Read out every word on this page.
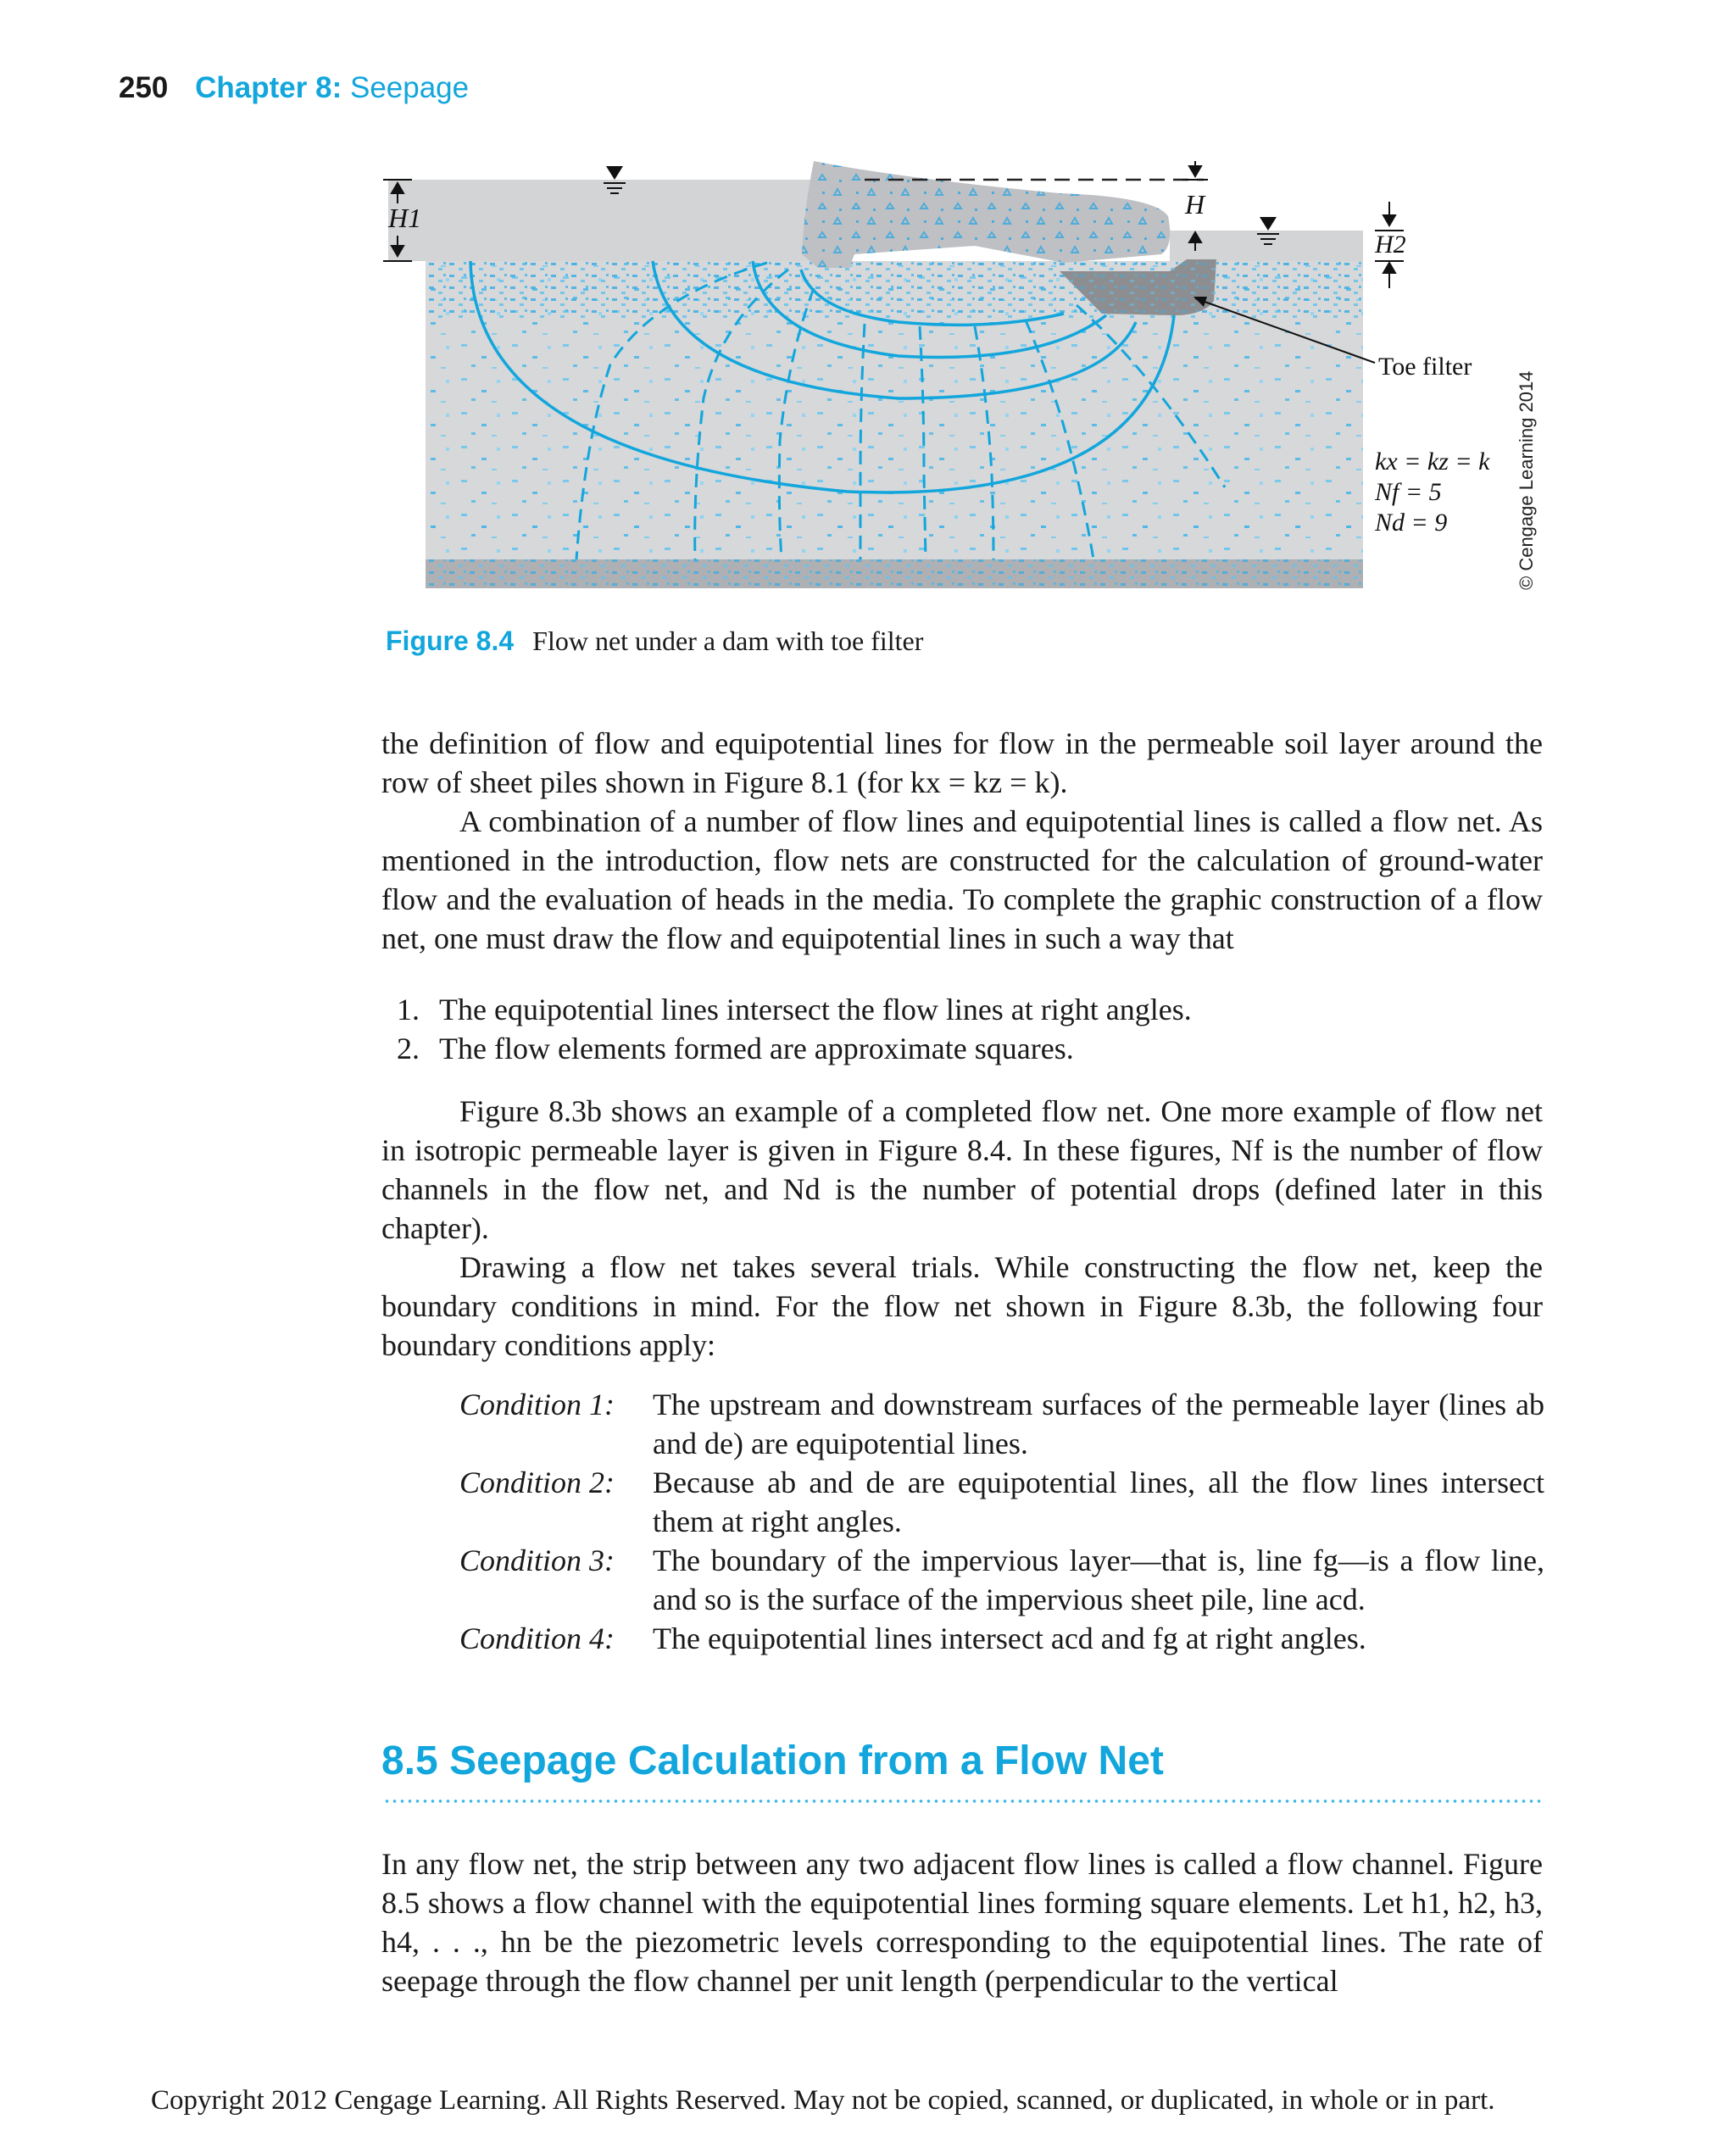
250 Chapter 8: Seepage
H1	H
H2
Toe filter
kx = kz = k
Nf = 5
Nd = 9	© Cengage Learning 2014
Figure 8.4 Flow net under a dam with toe filter

the definition of flow and equipotential lines for flow in the permeable soil layer around the row of sheet piles shown in Figure 8.1 (for kx = kz = k).

A combination of a number of flow lines and equipotential lines is called a flow net. As mentioned in the introduction, flow nets are constructed for the calculation of ground-water flow and the evaluation of heads in the media. To complete the graphic construction of a flow net, one must draw the flow and equipotential lines in such a way that

1. The equipotential lines intersect the flow lines at right angles.
2. The flow elements formed are approximate squares.

Figure 8.3b shows an example of a completed flow net. One more example of flow net in isotropic permeable layer is given in Figure 8.4. In these figures, Nf is the number of flow channels in the flow net, and Nd is the number of potential drops (defined later in this chapter).

Drawing a flow net takes several trials. While constructing the flow net, keep the boundary conditions in mind. For the flow net shown in Figure 8.3b, the following four boundary conditions apply:

Condition 1:	The upstream and downstream surfaces of the permeable layer (lines ab and de) are equipotential lines.
Condition 2:	Because ab and de are equipotential lines, all the flow lines intersect them at right angles.
Condition 3:	The boundary of the impervious layer—that is, line fg—is a flow line, and so is the surface of the impervious sheet pile, line acd.
Condition 4:	The equipotential lines intersect acd and fg at right angles.
8.5 Seepage Calculation from a Flow Net

In any flow net, the strip between any two adjacent flow lines is called a flow channel. Figure 8.5 shows a flow channel with the equipotential lines forming square elements. Let h1, h2, h3, h4, . . ., hn be the piezometric levels corresponding to the equipotential lines. The rate of seepage through the flow channel per unit length (perpendicular to the vertical

Copyright 2012 Cengage Learning. All Rights Reserved. May not be copied, scanned, or duplicated, in whole or in part.
